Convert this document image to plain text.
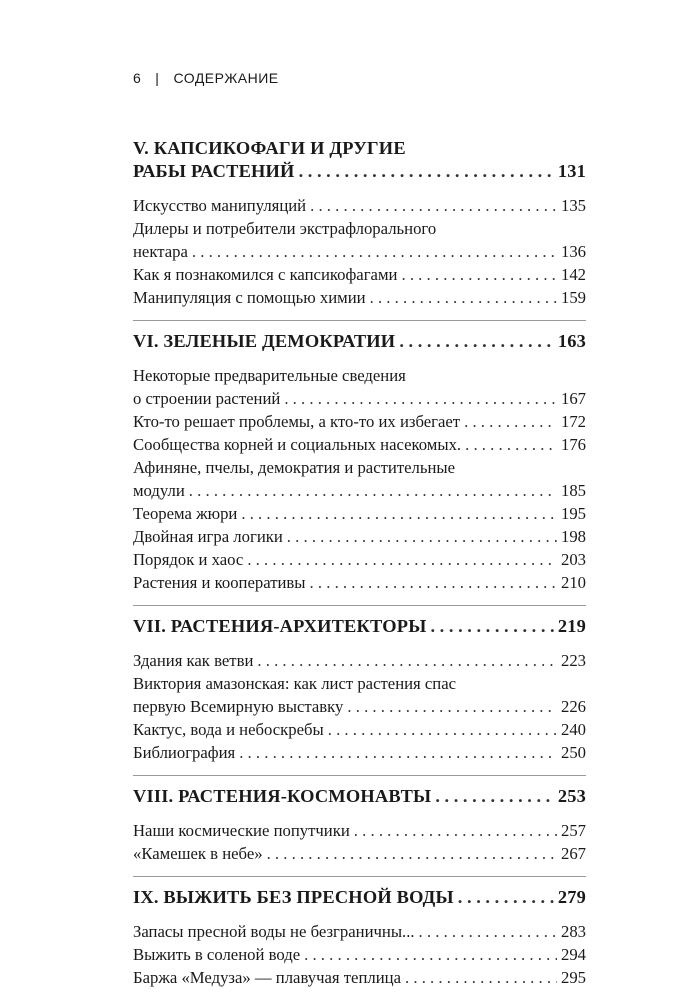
6 | СОДЕРЖАНИЕ
V. КАПСИКОФАГИ И ДРУГИЕ
РАБЫ РАСТЕНИЙ . . .	131
Искусство манипуляций . . .	135
Дилеры и потребители экстрафлорального
нектара . . .	136
Как я познакомился с капсикофагами . . .	142
Манипуляция с помощью химии . . .	159
VI. ЗЕЛЕНЫЕ ДЕМОКРАТИИ . . .	163
Некоторые предварительные сведения
о строении растений . . .	167
Кто-то решает проблемы, а кто-то их избегает . . .	172
Сообщества корней и социальных насекомых. . . .	176
Афиняне, пчелы, демократия и растительные
модули . . .	185
Теорема жюри . . .	195
Двойная игра логики . . .	198
Порядок и хаос . . .	203
Растения и кооперативы . . .	210
VII. РАСТЕНИЯ-АРХИТЕКТОРЫ . . .	219
Здания как ветви . . .	223
Виктория амазонская: как лист растения спас
первую Всемирную выставку . . .	226
Кактус, вода и небоскребы . . .	240
Библиография . . .	250
VIII. РАСТЕНИЯ-КОСМОНАВТЫ . . .	253
Наши космические попутчики . . .	257
«Камешек в небе» . . .	267
IX. ВЫЖИТЬ БЕЗ ПРЕСНОЙ ВОДЫ . . .	279
Запасы пресной воды не безграничны... . . .	283
Выжить в соленой воде . . .	294
Баржа «Медуза» — плавучая теплица . . .	295
